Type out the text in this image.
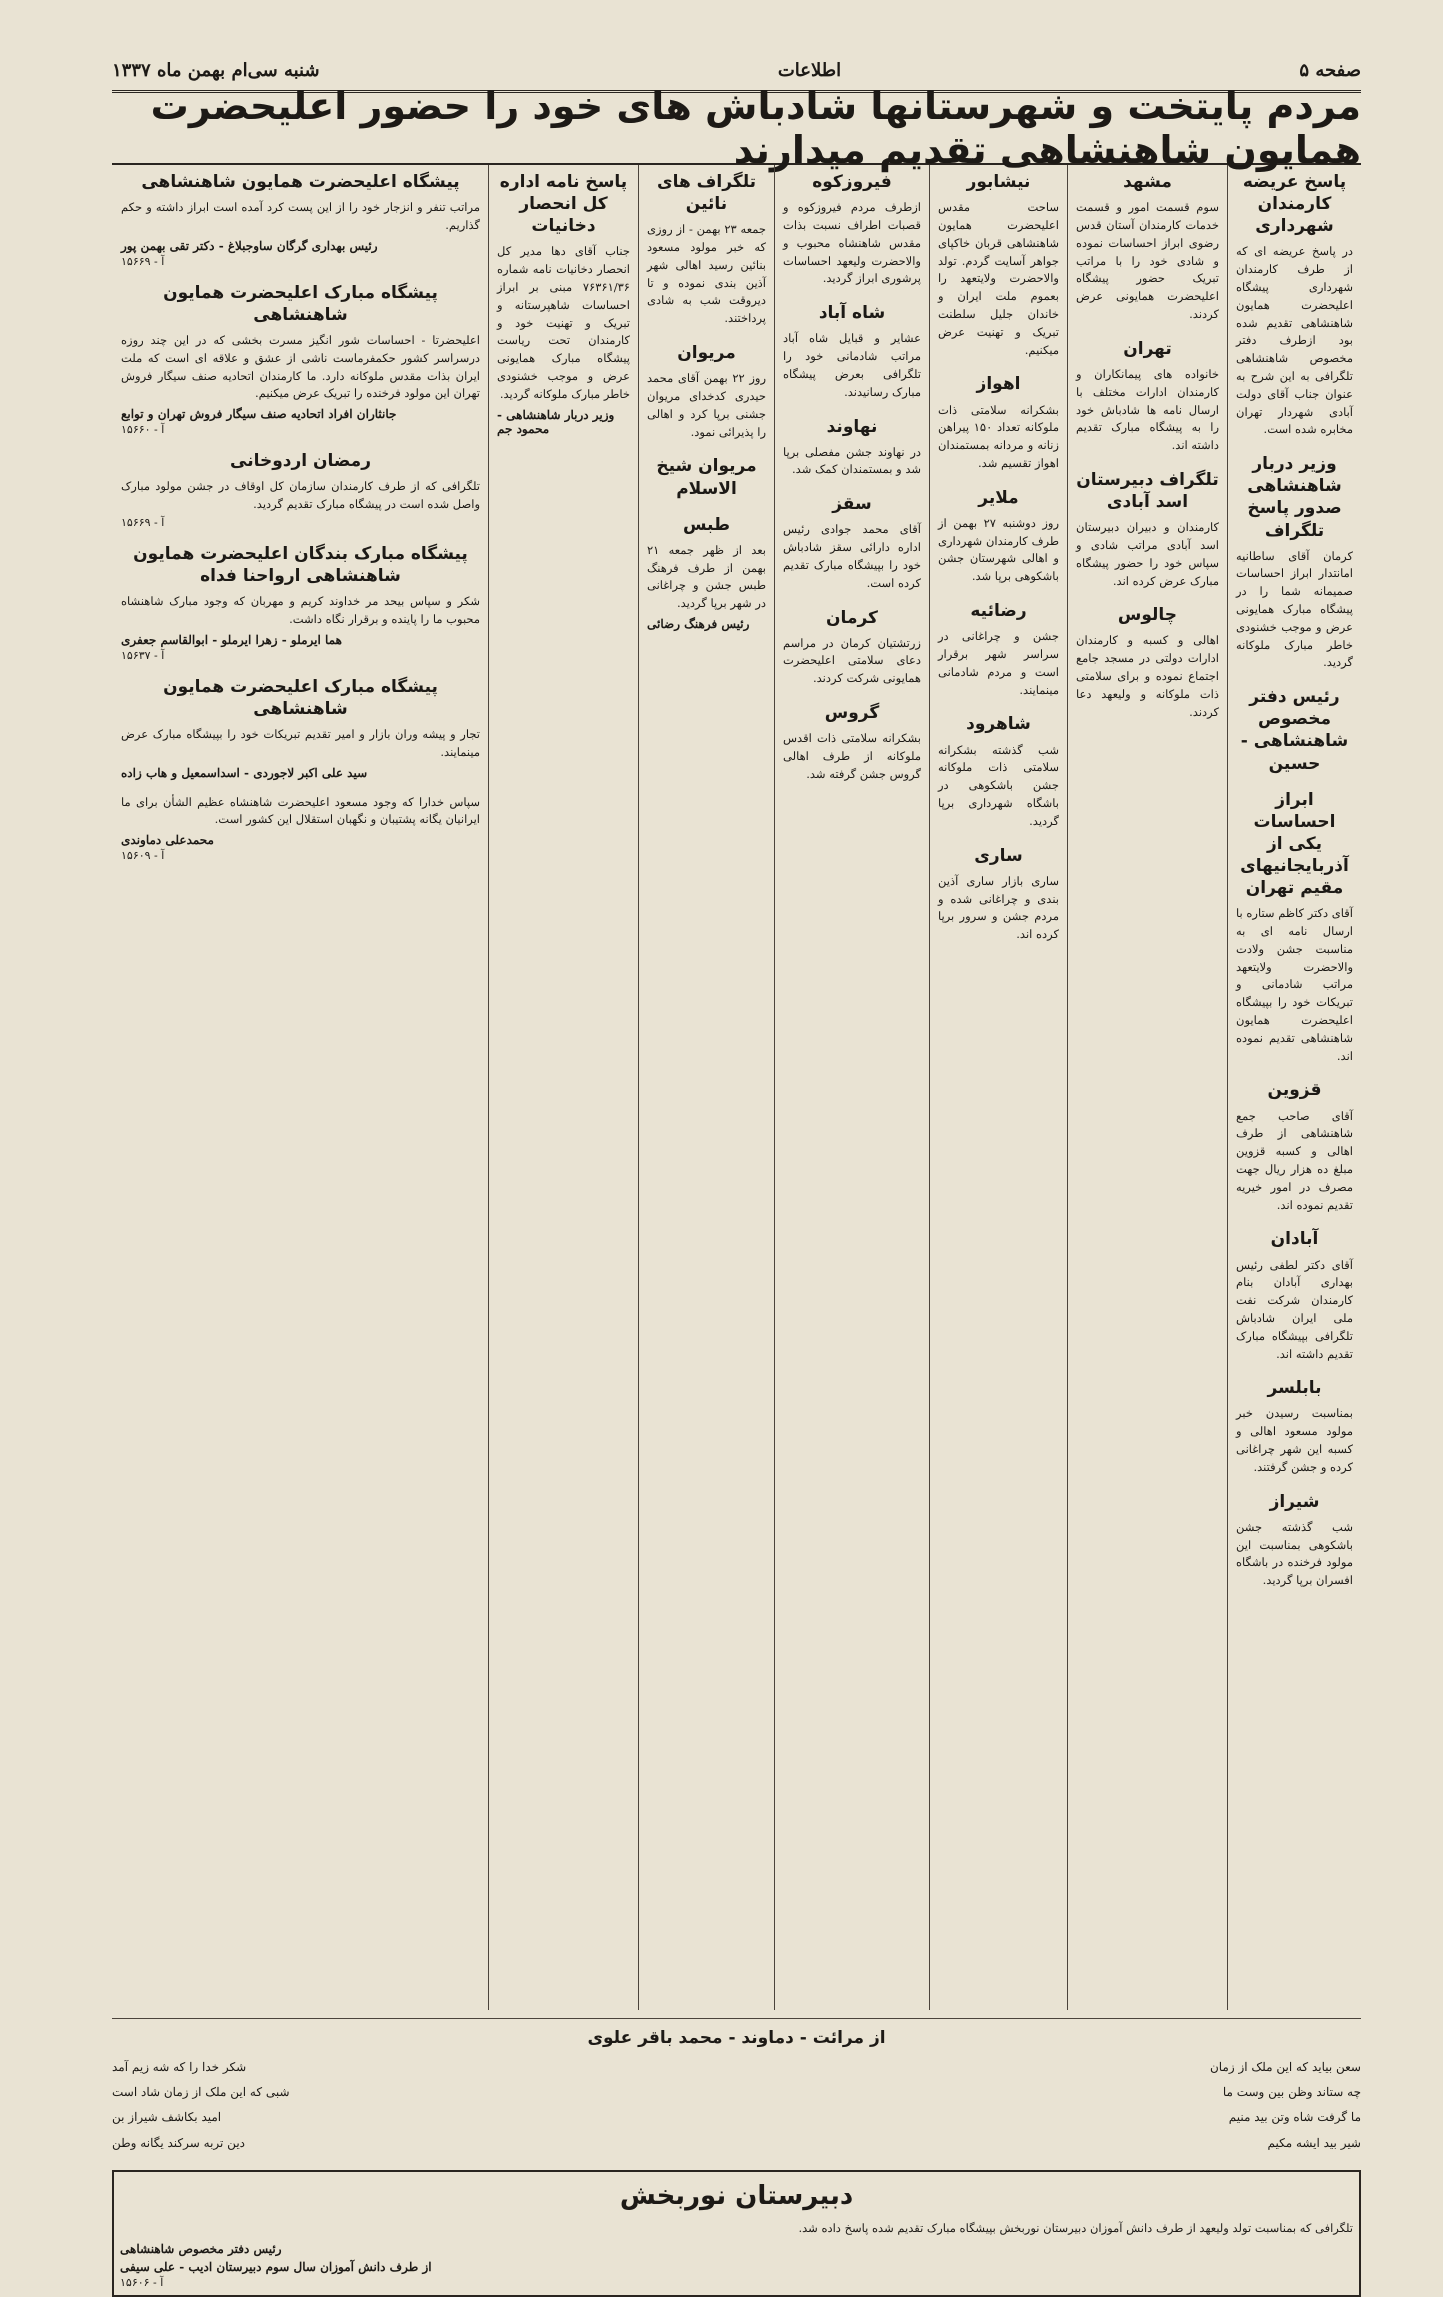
صفحه ۵
اطلاعات
شنبه سی‌ام بهمن ماه ۱۳۳۷
مردم پایتخت و شهرستانها شادباش های خود را حضور اعلیحضرت همایون شاهنشاهی تقدیم میدارند
پاسخ عریضه کارمندان شهرداری

در پاسخ عریضه ای که از طرف کارمندان شهرداری پیشگاه اعلیحضرت همایون شاهنشاهی تقدیم شده بود ازطرف دفتر مخصوص شاهنشاهی تلگرافی به این شرح به عنوان جناب آقای دولت آبادی شهردار تهران مخابره شده است.

وزیر دربار شاهنشاهی صدور پاسخ تلگراف

کرمان آقای ساطانیه امانتدار ابراز احساسات صمیمانه شما را در پیشگاه مبارک همایونی عرض و موجب خشنودی خاطر مبارک ملوکانه گردید.

رئیس دفتر مخصوص شاهنشاهی - حسین
ابراز احساسات یکی از آذربایجانیهای مقیم تهران

آقای دکتر کاظم ستاره با ارسال نامه ای به مناسبت جشن ولادت والاحضرت ولایتعهد مراتب شادمانی و تبریکات خود را بپیشگاه اعلیحضرت همایون شاهنشاهی تقدیم نموده اند.

قزوین

آقای صاحب جمع شاهنشاهی از طرف اهالی و کسبه قزوین مبلغ ده هزار ریال جهت مصرف در امور خیریه تقدیم نموده اند.

آبادان

آقای دکتر لطفی رئیس بهداری آبادان بنام کارمندان شرکت نفت ملی ایران شادباش تلگرافی بپیشگاه مبارک تقدیم داشته اند.

بابلسر

بمناسبت رسیدن خبر مولود مسعود اهالی و کسبه این شهر چراغانی کرده و جشن گرفتند.

شیراز

شب گذشته جشن باشکوهی بمناسبت این مولود فرخنده در باشگاه افسران برپا گردید.

مشهد

سوم قسمت امور و قسمت خدمات کارمندان آستان قدس رضوی ابراز احساسات نموده و شادی خود را با مراتب تبریک حضور پیشگاه اعلیحضرت همایونی عرض کردند.

تهران

خانواده های پیمانکاران و کارمندان ادارات مختلف با ارسال نامه ها شادباش خود را به پیشگاه مبارک تقدیم داشته اند.

تلگراف دبیرستان اسد آبادی

کارمندان و دبیران دبیرستان اسد آبادی مراتب شادی و سپاس خود را حضور پیشگاه مبارک عرض کرده اند.

چالوس

اهالی و کسبه و کارمندان ادارات دولتی در مسجد جامع اجتماع نموده و برای سلامتی ذات ملوکانه و ولیعهد دعا کردند.

نیشابور

ساحت مقدس اعلیحضرت همایون شاهنشاهی قربان خاکپای جواهر آسایت گردم. تولد والاحضرت ولایتعهد را بعموم ملت ایران و خاندان جلیل سلطنت تبریک و تهنیت عرض میکنیم.

اهواز

بشکرانه سلامتی ذات ملوکانه تعداد ۱۵۰ پیراهن زنانه و مردانه بمستمندان اهواز تقسیم شد.

ملایر

روز دوشنبه ۲۷ بهمن از طرف کارمندان شهرداری و اهالی شهرستان جشن باشکوهی برپا شد.

رضائیه

جشن و چراغانی در سراسر شهر برقرار است و مردم شادمانی مینمایند.

شاهرود

شب گذشته بشکرانه سلامتی ذات ملوکانه جشن باشکوهی در باشگاه شهرداری برپا گردید.

ساری

ساری بازار ساری آذین بندی و چراغانی شده و مردم جشن و سرور برپا کرده اند.

فیروزکوه

ازطرف مردم فیروزکوه و قصبات اطراف نسبت بذات مقدس شاهنشاه محبوب و والاحضرت ولیعهد احساسات پرشوری ابراز گردید.

شاه آباد

عشایر و قبایل شاه آباد مراتب شادمانی خود را تلگرافی بعرض پیشگاه مبارک رسانیدند.

نهاوند

در نهاوند جشن مفصلی برپا شد و بمستمندان کمک شد.

سقز

آقای محمد جوادی رئیس اداره دارائی سقز شادباش خود را بپیشگاه مبارک تقدیم کرده است.

کرمان

زرتشتیان کرمان در مراسم دعای سلامتی اعلیحضرت همایونی شرکت کردند.

گروس

بشکرانه سلامتی ذات اقدس ملوکانه از طرف اهالی گروس جشن گرفته شد.

تلگراف های نائین

جمعه ۲۳ بهمن - از روزی که خبر مولود مسعود بنائین رسید اهالی شهر آذین بندی نموده و تا دیروقت شب به شادی پرداختند.

مریوان

روز ۲۲ بهمن آقای محمد حیدری کدخدای مریوان جشنی برپا کرد و اهالی را پذیرائی نمود.

مریوان شیخ الاسلام
طبس

بعد از ظهر جمعه ۲۱ بهمن از طرف فرهنگ طبس جشن و چراغانی در شهر برپا گردید.

رئیس فرهنگ رضائی
پاسخ نامه اداره کل انحصار دخانیات

جناب آقای دها مدیر کل انحصار دخانیات نامه شماره ۷۶۳۶۱/۳۶ مبنی بر ابراز احساسات شاهپرستانه و تبریک و تهنیت خود و کارمندان تحت ریاست پیشگاه مبارک همایونی عرض و موجب خشنودی خاطر مبارک ملوکانه گردید.

وزیر دربار شاهنشاهی - محمود جم
پیشگاه اعلیحضرت همایون شاهنشاهی

مراتب تنفر و انزجار خود را از این پست کرد آمده است ابراز داشته و حکم گذاریم.

رئیس بهداری گرگان ساوجبلاغ - دکتر تقی بهمن پور
۱۵۶۶۹ - آ
پیشگاه مبارک اعلیحضرت همایون شاهنشاهی

اعلیحضرتا - احساسات شور انگیز مسرت بخشی که در این چند روزه درسراسر کشور حکمفرماست ناشی از عشق و علاقه ای است که ملت ایران بذات مقدس ملوکانه دارد. ما کارمندان اتحادیه صنف سیگار فروش تهران این مولود فرخنده را تبریک عرض میکنیم.

جانثاران افراد اتحادیه صنف سیگار فروش تهران و توابع
۱۵۶۶۰ - آ
رمضان اردوخانی

تلگرافی که از طرف کارمندان سازمان کل اوقاف در جشن مولود مبارک واصل شده است در پیشگاه مبارک تقدیم گردید.

۱۵۶۶۹ - آ
پیشگاه مبارک بندگان اعلیحضرت همایون شاهنشاهی ارواحنا فداه

شکر و سپاس بیحد مر خداوند کریم و مهربان که وجود مبارک شاهنشاه محبوب ما را پاینده و برقرار نگاه داشت.

هما ایرملو - زهرا ایرملو - ابوالقاسم جعفری
۱۵۶۳۷ - آ
پیشگاه مبارک اعلیحضرت همایون شاهنشاهی

تجار و پیشه وران بازار و امیر تقدیم تبریکات خود را بپیشگاه مبارک عرض مینمایند.

سید علی اکبر لاجوردی - اسداسمعیل و هاب زاده

سپاس خدارا که وجود مسعود اعلیحضرت شاهنشاه عظیم الشأن برای ما ایرانیان یگانه پشتیبان و نگهبان استقلال این کشور است.

محمدعلی دماوندی
۱۵۶۰۹ - آ
از مرائت - دماوند - محمد باقر علوی
سعن بیاید که این ملک از زمان
شکر خدا را که شه زیم آمد
چه ستاند وظن بین وست ما
شبی که این ملک از زمان شاد است
ما گرفت شاه وتن بید منیم
امید بکاشف شیراز بن
شیر بید ایشه مکیم
دین تربه سرکند یگانه وطن
دبیرستان نوربخش

تلگرافی که بمناسبت تولد ولیعهد از طرف دانش آموزان دبیرستان نوربخش بپیشگاه مبارک تقدیم شده پاسخ داده شد.

رئیس دفتر مخصوص شاهنشاهی
از طرف دانش آموزان سال سوم دبیرستان ادیب - علی سیفی
۱۵۶۰۶ - آ
